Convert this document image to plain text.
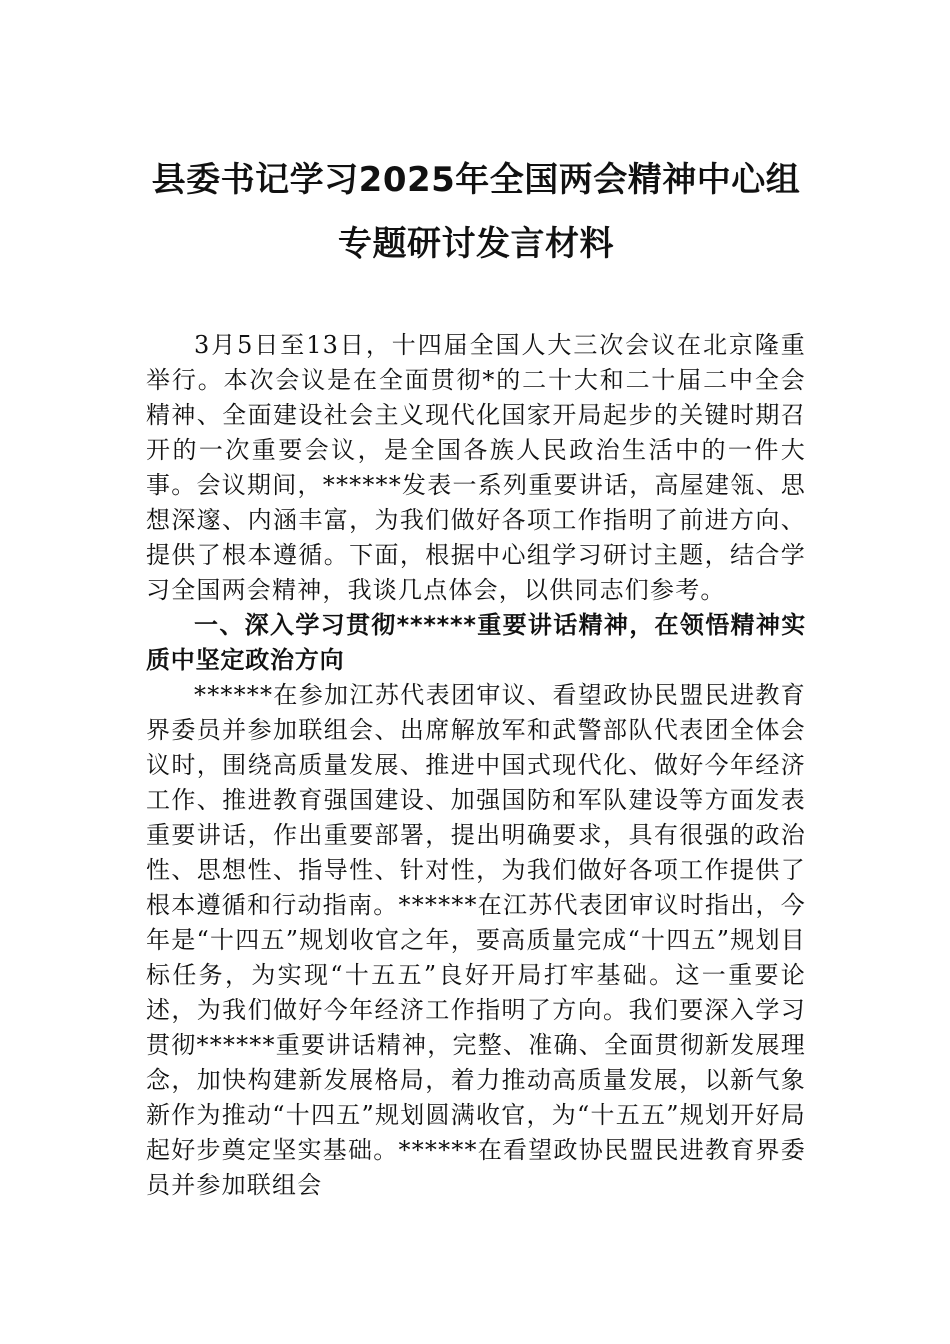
县委书记学习2025年全国两会精神中心组
专题研讨发言材料

3月5日至13日，十四届全国人大三次会议在北京隆重举行。本次会议是在全面贯彻*的二十大和二十届二中全会精神、全面建设社会主义现代化国家开局起步的关键时期召开的一次重要会议，是全国各族人民政治生活中的一件大事。会议期间，******发表一系列重要讲话，高屋建瓴、思想深邃、内涵丰富，为我们做好各项工作指明了前进方向、提供了根本遵循。下面，根据中心组学习研讨主题，结合学习全国两会精神，我谈几点体会，以供同志们参考。

一、深入学习贯彻******重要讲话精神，在领悟精神实质中坚定政治方向

******在参加江苏代表团审议、看望政协民盟民进教育界委员并参加联组会、出席解放军和武警部队代表团全体会议时，围绕高质量发展、推进中国式现代化、做好今年经济工作、推进教育强国建设、加强国防和军队建设等方面发表重要讲话，作出重要部署，提出明确要求，具有很强的政治性、思想性、指导性、针对性，为我们做好各项工作提供了根本遵循和行动指南。******在江苏代表团审议时指出，今年是“十四五”规划收官之年，要高质量完成“十四五”规划目标任务，为实现“十五五”良好开局打牢基础。这一重要论述，为我们做好今年经济工作指明了方向。我们要深入学习贯彻******重要讲话精神，完整、准确、全面贯彻新发展理念，加快构建新发展格局，着力推动高质量发展，以新气象新作为推动“十四五”规划圆满收官，为“十五五”规划开好局起好步奠定坚实基础。******在看望政协民盟民进教育界委员并参加联组会
